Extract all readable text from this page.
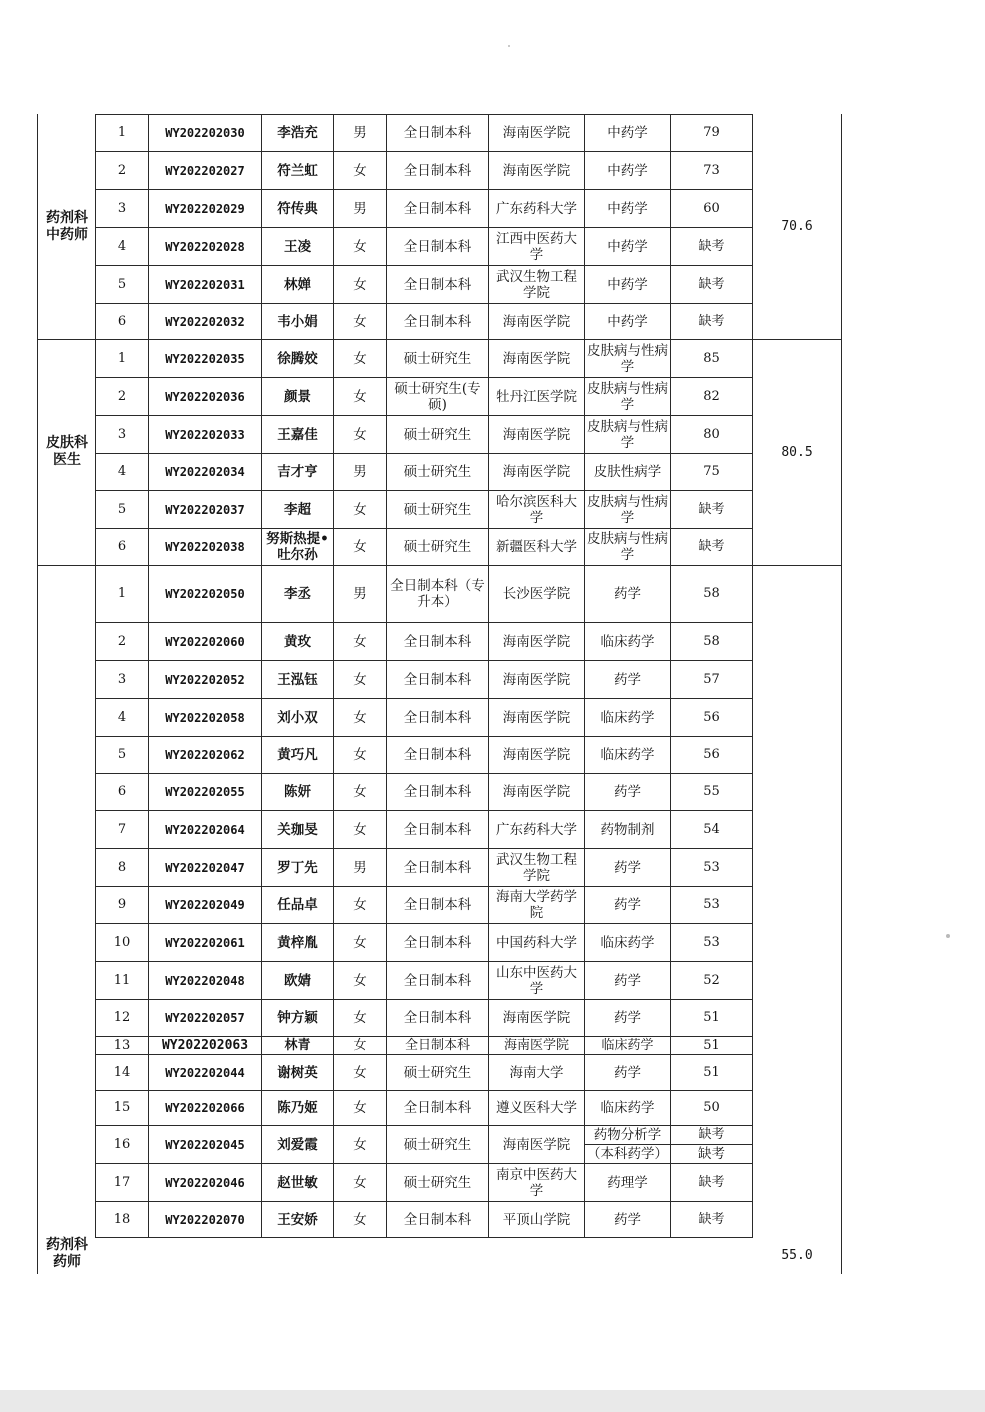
药剂科
中药师	70.6
1	WY202202030	李浩充	男	全日制本科	海南医学院	中药学	79
2	WY202202027	符兰虹	女	全日制本科	海南医学院	中药学	73
3	WY202202029	符传典	男	全日制本科	广东药科大学	中药学	60
4	WY202202028	王凌	女	全日制本科	江西中医药大学	中药学	缺考
5	WY202202031	林婵	女	全日制本科	武汉生物工程学院	中药学	缺考
6	WY202202032	韦小娟	女	全日制本科	海南医学院	中药学	缺考
皮肤科
医生	80.5
1	WY202202035	徐腾姣	女	硕士研究生	海南医学院	皮肤病与性病学	85
2	WY202202036	颜景	女	硕士研究生(专硕)	牡丹江医学院	皮肤病与性病学	82
3	WY202202033	王嘉佳	女	硕士研究生	海南医学院	皮肤病与性病学	80
4	WY202202034	吉才亨	男	硕士研究生	海南医学院	皮肤性病学	75
5	WY202202037	李超	女	硕士研究生	哈尔滨医科大学	皮肤病与性病学	缺考
6	WY202202038	努斯热提•吐尔孙	女	硕士研究生	新疆医科大学	皮肤病与性病学	缺考
药剂科
药师	55.0
1	WY202202050	李丞	男	全日制本科（专升本）	长沙医学院	药学	58
2	WY202202060	黄玫	女	全日制本科	海南医学院	临床药学	58
3	WY202202052	王泓钰	女	全日制本科	海南医学院	药学	57
4	WY202202058	刘小双	女	全日制本科	海南医学院	临床药学	56
5	WY202202062	黄巧凡	女	全日制本科	海南医学院	临床药学	56
6	WY202202055	陈妍	女	全日制本科	海南医学院	药学	55
7	WY202202064	关珈旻	女	全日制本科	广东药科大学	药物制剂	54
8	WY202202047	罗丁先	男	全日制本科	武汉生物工程学院	药学	53
9	WY202202049	任品卓	女	全日制本科	海南大学药学院	药学	53
10	WY202202061	黄梓胤	女	全日制本科	中国药科大学	临床药学	53
11	WY202202048	欧婧	女	全日制本科	山东中医药大学	药学	52
12	WY202202057	钟方颖	女	全日制本科	海南医学院	药学	51
13	WY202202063	林青	女	全日制本科	海南医学院	临床药学	51
14	WY202202044	谢树英	女	硕士研究生	海南大学	药学	51
15	WY202202066	陈乃姬	女	全日制本科	遵义医科大学	临床药学	50
16	WY202202045	刘爱霞	女	硕士研究生	海南医学院	药物分析学	缺考
						（本科药学）	缺考
17	WY202202046	赵世敏	女	硕士研究生	南京中医药大学	药理学	缺考
18	WY202202070	王安娇	女	全日制本科	平顶山学院	药学	缺考
